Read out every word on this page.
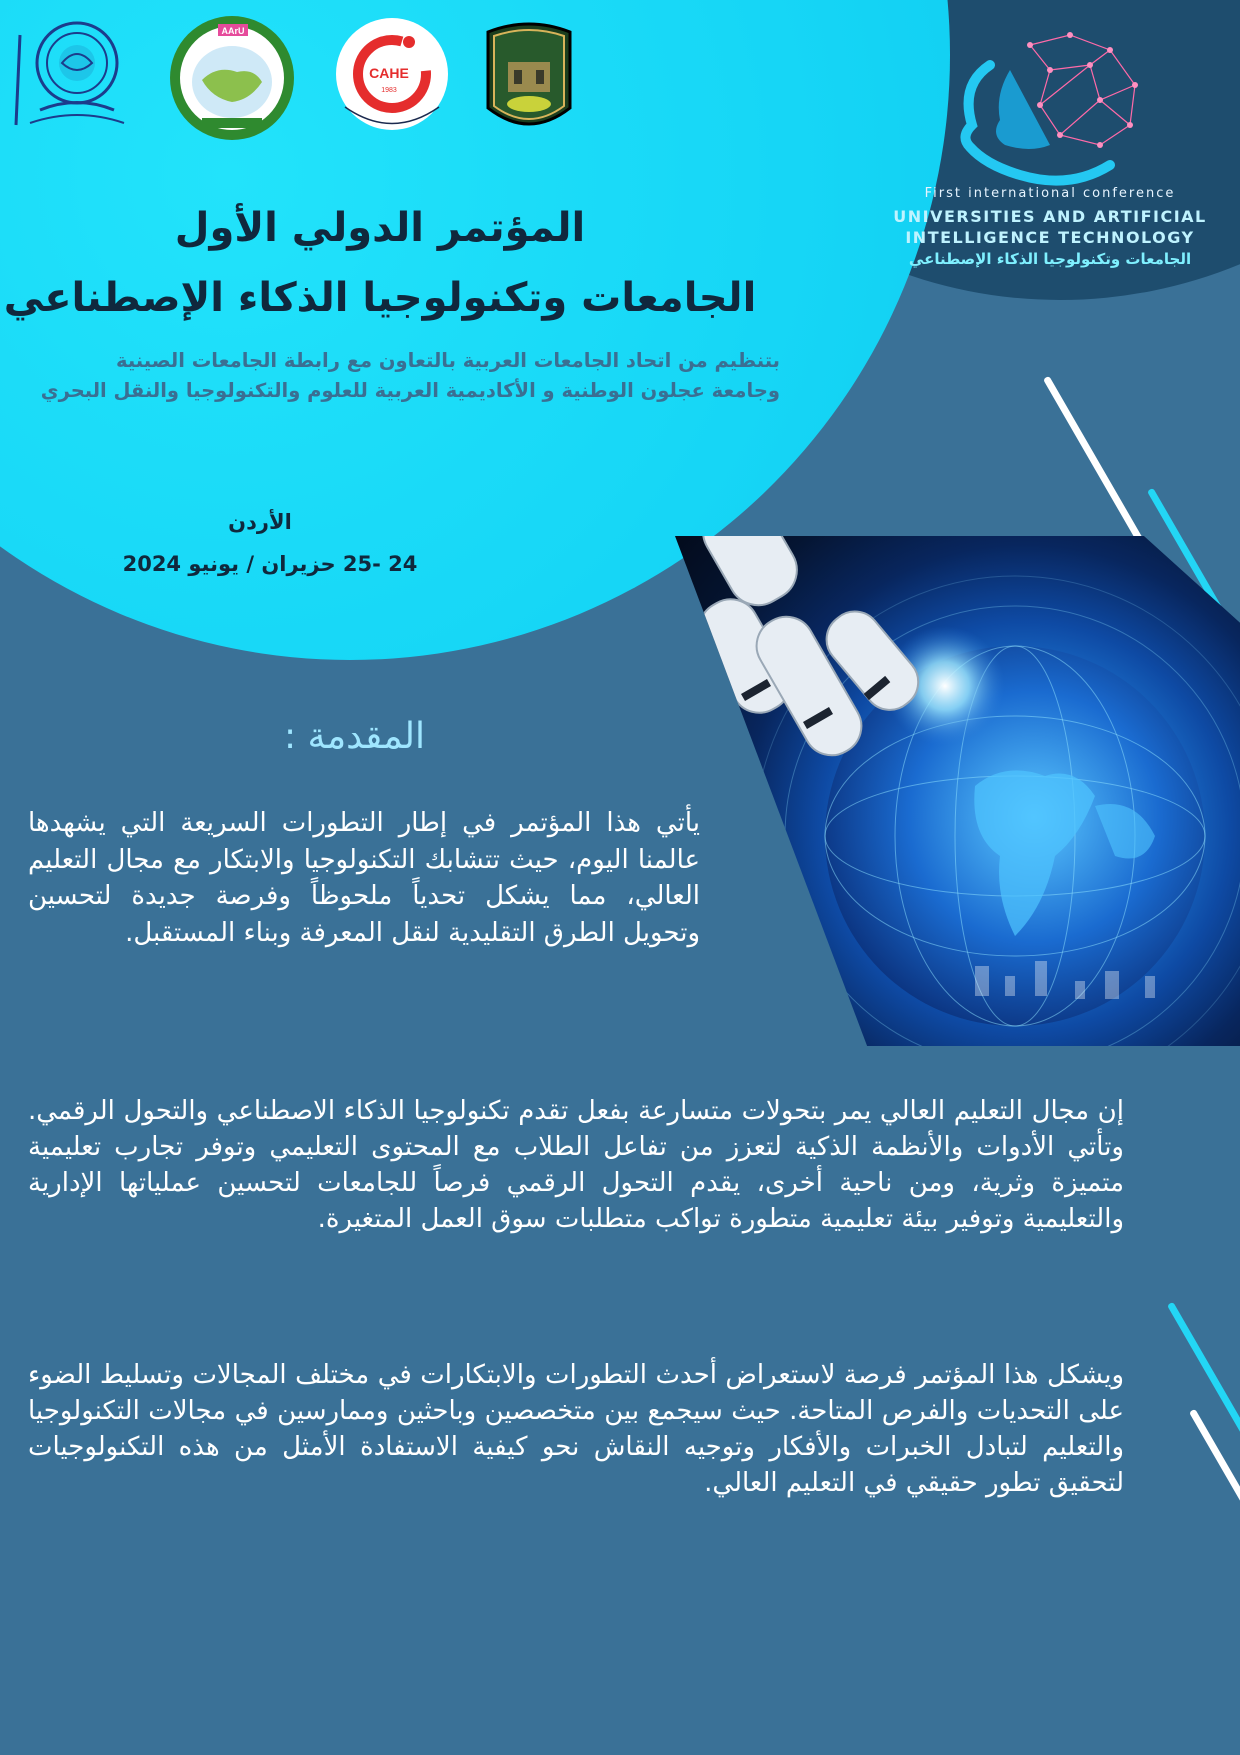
AArU
CAHE
1983
First international conference
UNIVERSITIES AND ARTIFICIAL
INTELLIGENCE TECHNOLOGY
الجامعات وتكنولوجيا الذكاء الإصطناعي
المؤتمر الدولي الأول
الجامعات وتكنولوجيا الذكاء الإصطناعي
بتنظيم من اتحاد الجامعات العربية بالتعاون مع رابطة الجامعات الصينية
وجامعة عجلون الوطنية و الأكاديمية العربية للعلوم والتكنولوجيا والنقل البحري
الأردن
24 -25 حزيران / يونيو 2024
المقدمة :

يأتي هذا المؤتمر في إطار التطورات السريعة التي يشهدها عالمنا اليوم، حيث تتشابك التكنولوجيا والابتكار مع مجال التعليم العالي، مما يشكل تحدياً ملحوظاً وفرصة جديدة لتحسين وتحويل الطرق التقليدية لنقل المعرفة وبناء المستقبل.

إن مجال التعليم العالي يمر بتحولات متسارعة بفعل تقدم تكنولوجيا الذكاء الاصطناعي والتحول الرقمي. وتأتي الأدوات والأنظمة الذكية لتعزز من تفاعل الطلاب مع المحتوى التعليمي وتوفر تجارب تعليمية متميزة وثرية، ومن ناحية أخرى، يقدم التحول الرقمي فرصاً للجامعات لتحسين عملياتها الإدارية والتعليمية وتوفير بيئة تعليمية متطورة تواكب متطلبات سوق العمل المتغيرة.

ويشكل هذا المؤتمر فرصة لاستعراض أحدث التطورات والابتكارات في مختلف المجالات وتسليط الضوء على التحديات والفرص المتاحة. حيث سيجمع بين متخصصين وباحثين وممارسين في مجالات التكنولوجيا والتعليم لتبادل الخبرات والأفكار وتوجيه النقاش نحو كيفية الاستفادة الأمثل من هذه التكنولوجيات لتحقيق تطور حقيقي في التعليم العالي.
